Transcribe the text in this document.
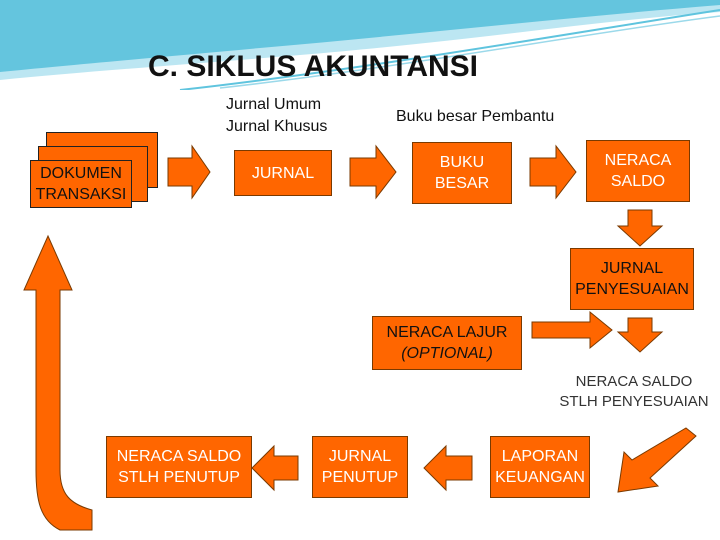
C. SIKLUS AKUNTANSI
Jurnal Umum
Jurnal Khusus
Buku besar Pembantu
DOKUMEN
TRANSAKSI
JURNAL
BUKU
BESAR
NERACA
SALDO
JURNAL
PENYESUAIAN
NERACA LAJUR
(OPTIONAL)
NERACA SALDO
STLH PENYESUAIAN
LAPORAN
KEUANGAN
JURNAL
PENUTUP
NERACA SALDO
STLH PENUTUP
